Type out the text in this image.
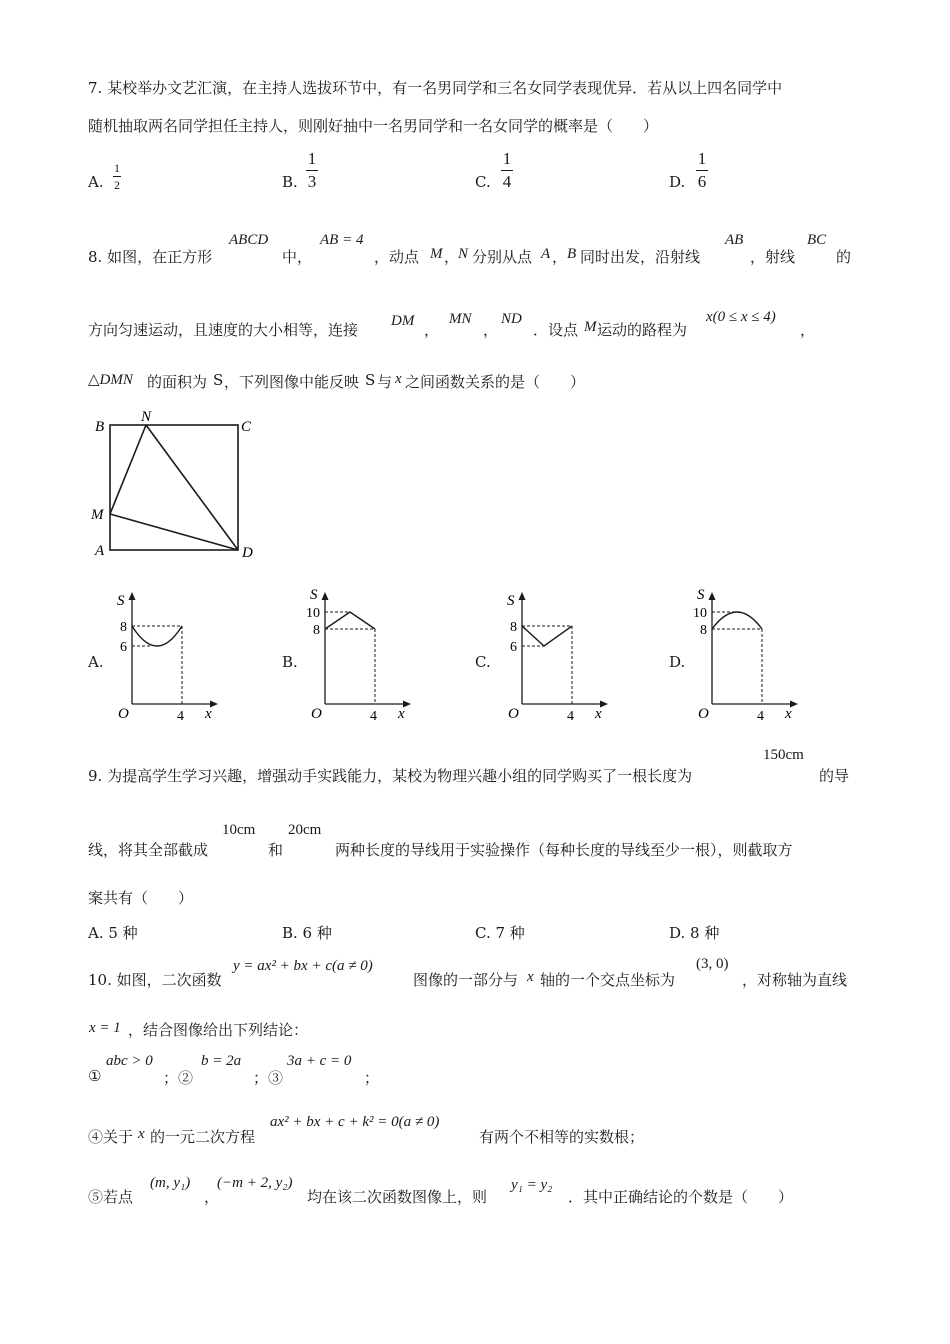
7. 某校举办文艺汇演，在主持人选拔环节中，有一名男同学和三名女同学表现优异．若从以上四名同学中
随机抽取两名同学担任主持人，则刚好抽中一名男同学和一名女同学的概率是（　　）
A.
1
2	B.
1
3	C.
1
4	D.
1
6
8. 如图，在正方形
ABCD
中，
AB = 4
，动点 M ，
N 分别从点 A ， B 同时出发，沿射线
AB
，射线
BC
的
方向匀速运动，且速度的大小相等，连接 DM ，
MN
，
ND
．设点 M 运动的路程为
x(0 ≤ x ≤ 4)
，
△DMN 的面积为 S ，下列图像中能反映 S 与 x 之间函数关系的是（　　）
B
N
C
M
A	D
A.
S
8
6
O	4 x
B.
S
10
8
O	4 x
C.
S
8
6
O	4 x
D.
S
10
8
O	4 x
9. 为提高学生学习兴趣，增强动手实践能力，某校为物理兴趣小组的同学购买了一根长度为
150cm
的导
线，将其全部截成
10cm
和
20cm
两种长度的导线用于实验操作（每种长度的导线至少一根），则截取方
案共有（　　）
A. 5 种	B. 6 种	C. 7 种	D. 8 种
10. 如图，二次函数
y = ax² + bx + c(a ≠ 0)
图像的一部分与 x 轴的一个交点坐标为
(3, 0)
，对称轴为直线
x = 1 ，结合图像给出下列结论：
①
abc > 0
；②
b = 2a
；③
3a + c = 0
；
④关于 x 的一元二次方程
ax² + bx + c + k² = 0(a ≠ 0)
有两个不相等的实数根；
⑤若点
(m, y₁)
，
(−m + 2, y₂)
均在该二次函数图像上，则
y₁ = y₂
．其中正确结论的个数是（　　）
